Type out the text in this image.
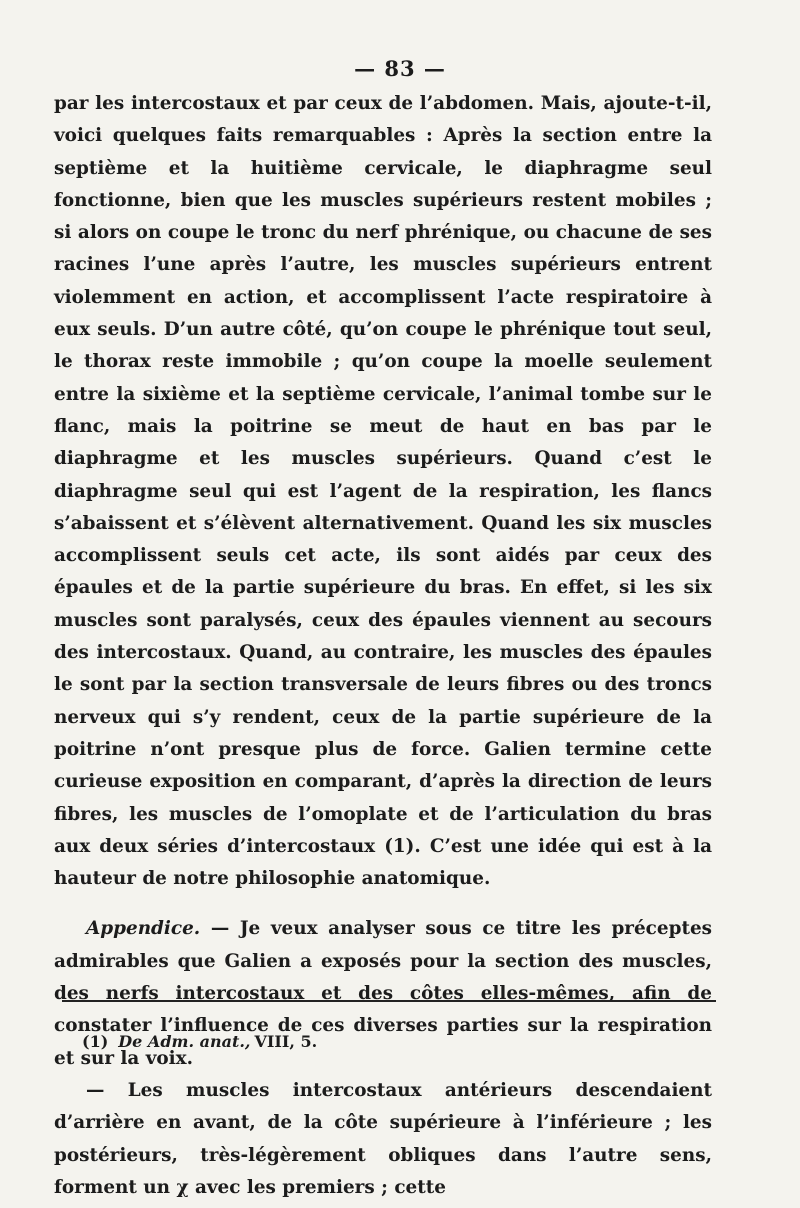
— 83 —

par les intercostaux et par ceux de l’abdomen. Mais, ajoute-t-il, voici quelques faits remarquables : Après la section entre la septième et la huitième cervicale, le diaphragme seul fonctionne, bien que les muscles supérieurs restent mobiles ; si alors on coupe le tronc du nerf phrénique, ou chacune de ses racines l’une après l’autre, les muscles supérieurs entrent violemment en action, et accomplissent l’acte respiratoire à eux seuls. D’un autre côté, qu’on coupe le phrénique tout seul, le thorax reste immobile ; qu’on coupe la moelle seulement entre la sixième et la septième cervicale, l’animal tombe sur le flanc, mais la poitrine se meut de haut en bas par le diaphragme et les muscles supérieurs. Quand c’est le diaphragme seul qui est l’agent de la respiration, les flancs s’abaissent et s’élèvent alternativement. Quand les six muscles accomplissent seuls cet acte, ils sont aidés par ceux des épaules et de la partie supérieure du bras. En effet, si les six muscles sont paralysés, ceux des épaules viennent au secours des intercostaux. Quand, au contraire, les muscles des épaules le sont par la section transversale de leurs fibres ou des troncs nerveux qui s’y rendent, ceux de la partie supérieure de la poitrine n’ont presque plus de force. Galien termine cette curieuse exposition en comparant, d’après la direction de leurs fibres, les muscles de l’omoplate et de l’articulation du bras aux deux séries d’intercostaux (1). C’est une idée qui est à la hauteur de notre philosophie anatomique.

Appendice. — Je veux analyser sous ce titre les préceptes admirables que Galien a exposés pour la section des muscles, des nerfs intercostaux et des côtes elles-mêmes, afin de constater l’influence de ces diverses parties sur la respiration et sur la voix.

— Les muscles intercostaux antérieurs descendaient d’arrière en avant, de la côte supérieure à l’inférieure ; les postérieurs, très-légèrement obliques dans l’autre sens, forment un χ avec les premiers ; cette

(1) De Adm. anat., VIII, 5.
